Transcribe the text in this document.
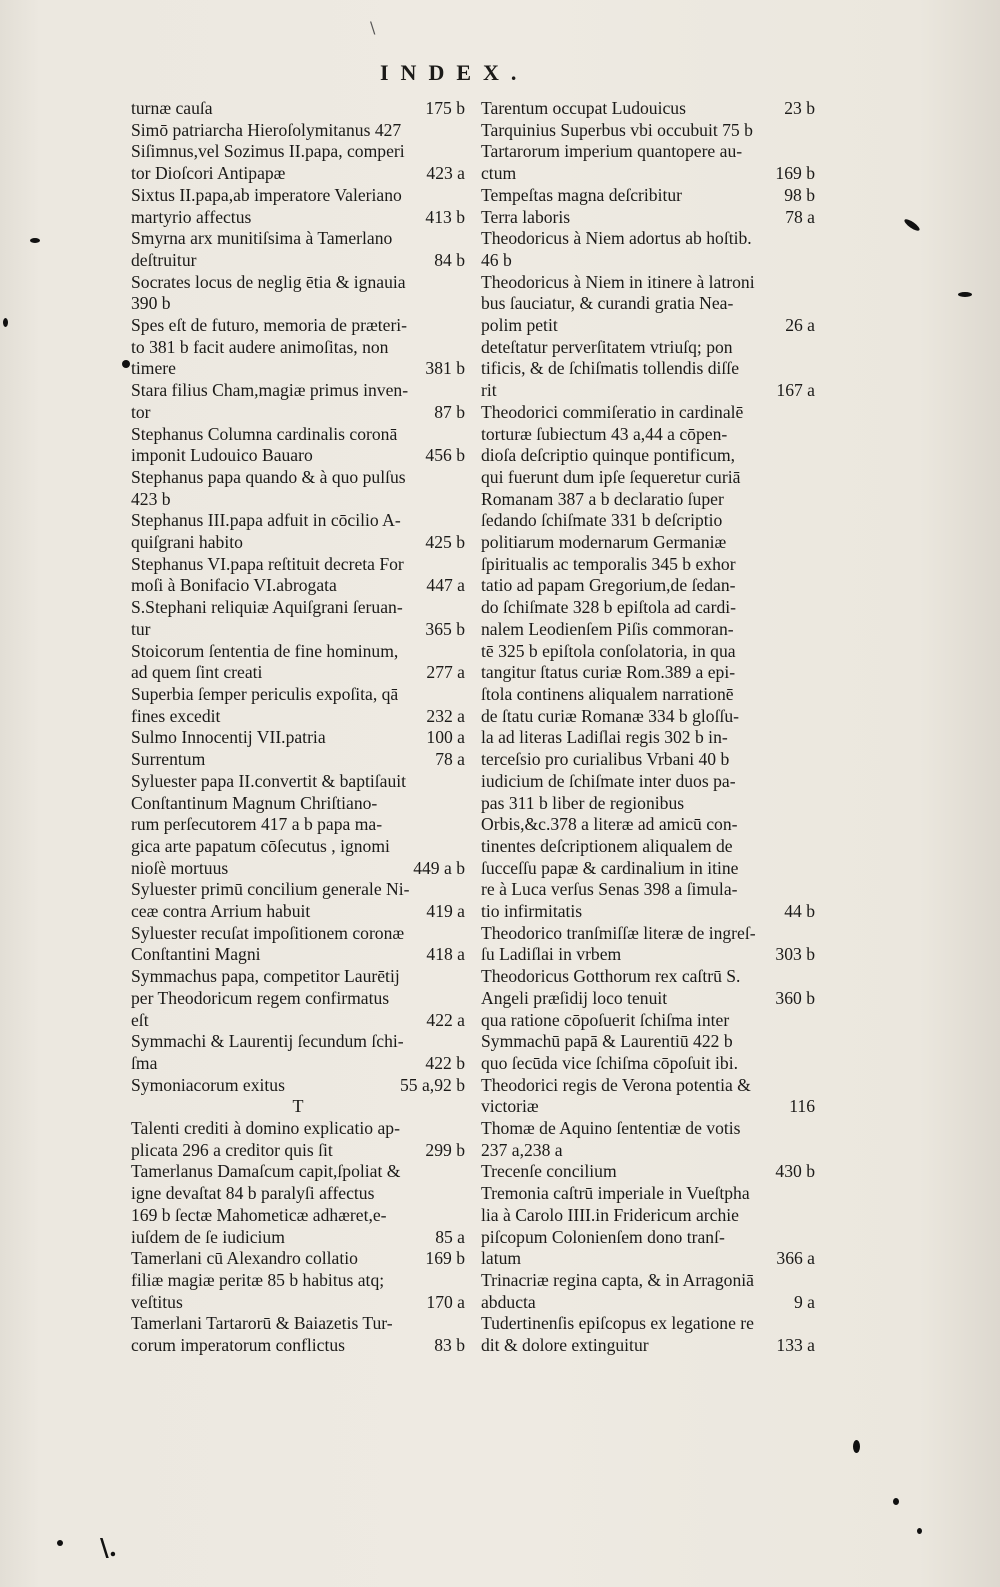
\
INDEX.
turnæ cauſa	175 b
Simō patriarcha Hieroſolymitanus 427
Siſimnus,vel Sozimus II.papa, comperi
tor Dioſcori Antipapæ	423 a
Sixtus II.papa,ab imperatore Valeriano
martyrio affectus	413 b
Smyrna arx munitiſsima à Tamerlano
deſtruitur	84 b
Socrates locus de neglig ētia & ignauia
390 b
Spes eſt de futuro, memoria de præteri-
to 381 b facit audere animoſitas, non
timere	381 b
Stara filius Cham,magiæ primus inven-
tor	87 b
Stephanus Columna cardinalis coronā
imponit Ludouico Bauaro	456 b
Stephanus papa quando & à quo pulſus
423 b
Stephanus III.papa adfuit in cōcilio A-
quiſgrani habito	425 b
Stephanus VI.papa reſtituit decreta For
moſi à Bonifacio VI.abrogata	447 a
S.Stephani reliquiæ Aquiſgrani ſeruan-
tur	365 b
Stoicorum ſententia de fine hominum,
ad quem ſint creati	277 a
Superbia ſemper periculis expoſita, qā
fines excedit	232 a
Sulmo Innocentij VII.patria	100 a
Surrentum	78 a
Syluester papa II.convertit & baptiſauit
Conſtantinum Magnum Chriſtiano-
rum perſecutorem 417 a b papa ma-
gica arte papatum cōſecutus , ignomi
nioſè mortuus	449 a b
Syluester primū concilium generale Ni-
ceæ contra Arrium habuit	419 a
Syluester recuſat impoſitionem coronæ
Conſtantini Magni	418 a
Symmachus papa, competitor Laurētij
per Theodoricum regem confirmatus
eſt	422 a
Symmachi & Laurentij ſecundum ſchi-
ſma	422 b
Symoniacorum exitus	55 a,92 b
T
Talenti crediti à domino explicatio ap-
plicata 296 a creditor quis ſit	299 b
Tamerlanus Damaſcum capit,ſpoliat &
igne devaſtat 84 b paralyſi affectus
169 b ſectæ Mahometicæ adhæret,e-
iuſdem de ſe iudicium	85 a
Tamerlani cū Alexandro collatio	169 b
filiæ magiæ peritæ 85 b habitus atq;
veſtitus	170 a
Tamerlani Tartarorū & Baiazetis Tur-
corum imperatorum conflictus	83 b
Tarentum occupat Ludouicus	23 b
Tarquinius Superbus vbi occubuit 75 b
Tartarorum imperium quantopere au-
ctum	169 b
Tempeſtas magna deſcribitur	98 b
Terra laboris	78 a
Theodoricus à Niem adortus ab hoſtib.
46 b
Theodoricus à Niem in itinere à latroni
bus ſauciatur, & curandi gratia Nea-
polim petit	26 a
deteſtatur perverſitatem vtriuſq; pon
tificis, & de ſchiſmatis tollendis diſſe
rit	167 a
Theodorici commiſeratio in cardinalē
torturæ ſubiectum 43 a,44 a cōpen-
dioſa deſcriptio quinque pontificum,
qui fuerunt dum ipſe ſequeretur curiā
Romanam 387 a b declaratio ſuper
ſedando ſchiſmate 331 b deſcriptio
politiarum modernarum Germaniæ
ſpiritualis ac temporalis 345 b exhor
tatio ad papam Gregorium,de ſedan-
do ſchiſmate 328 b epiſtola ad cardi-
nalem Leodienſem Piſis commoran-
tē 325 b epiſtola conſolatoria, in qua
tangitur ſtatus curiæ Rom.389 a epi-
ſtola continens aliqualem narrationē
de ſtatu curiæ Romanæ 334 b gloſſu-
la ad literas Ladiſlai regis 302 b in-
terceſsio pro curialibus Vrbani 40 b
iudicium de ſchiſmate inter duos pa-
pas 311 b liber de regionibus
Orbis,&c.378 a literæ ad amicū con-
tinentes deſcriptionem aliqualem de
ſucceſſu papæ & cardinalium in itine
re à Luca verſus Senas 398 a ſimula-
tio infirmitatis	44 b
Theodorico tranſmiſſæ literæ de ingreſ-
ſu Ladiſlai in vrbem	303 b
Theodoricus Gotthorum rex caſtrū S.
Angeli præſidij loco tenuit	360 b
qua ratione cōpoſuerit ſchiſma inter
Symmachū papā & Laurentiū 422 b
quo ſecūda vice ſchiſma cōpoſuit ibi.
Theodorici regis de Verona potentia &
victoriæ	116
Thomæ de Aquino ſententiæ de votis
237 a,238 a
Trecenſe concilium	430 b
Tremonia caſtrū imperiale in Vueſtpha
lia à Carolo IIII.in Fridericum archie
piſcopum Colonienſem dono tranſ-
latum	366 a
Trinacriæ regina capta, & in Arragoniā
abducta	9 a
Tudertinenſis epiſcopus ex legatione re
dit & dolore extinguitur	133 a
\.
